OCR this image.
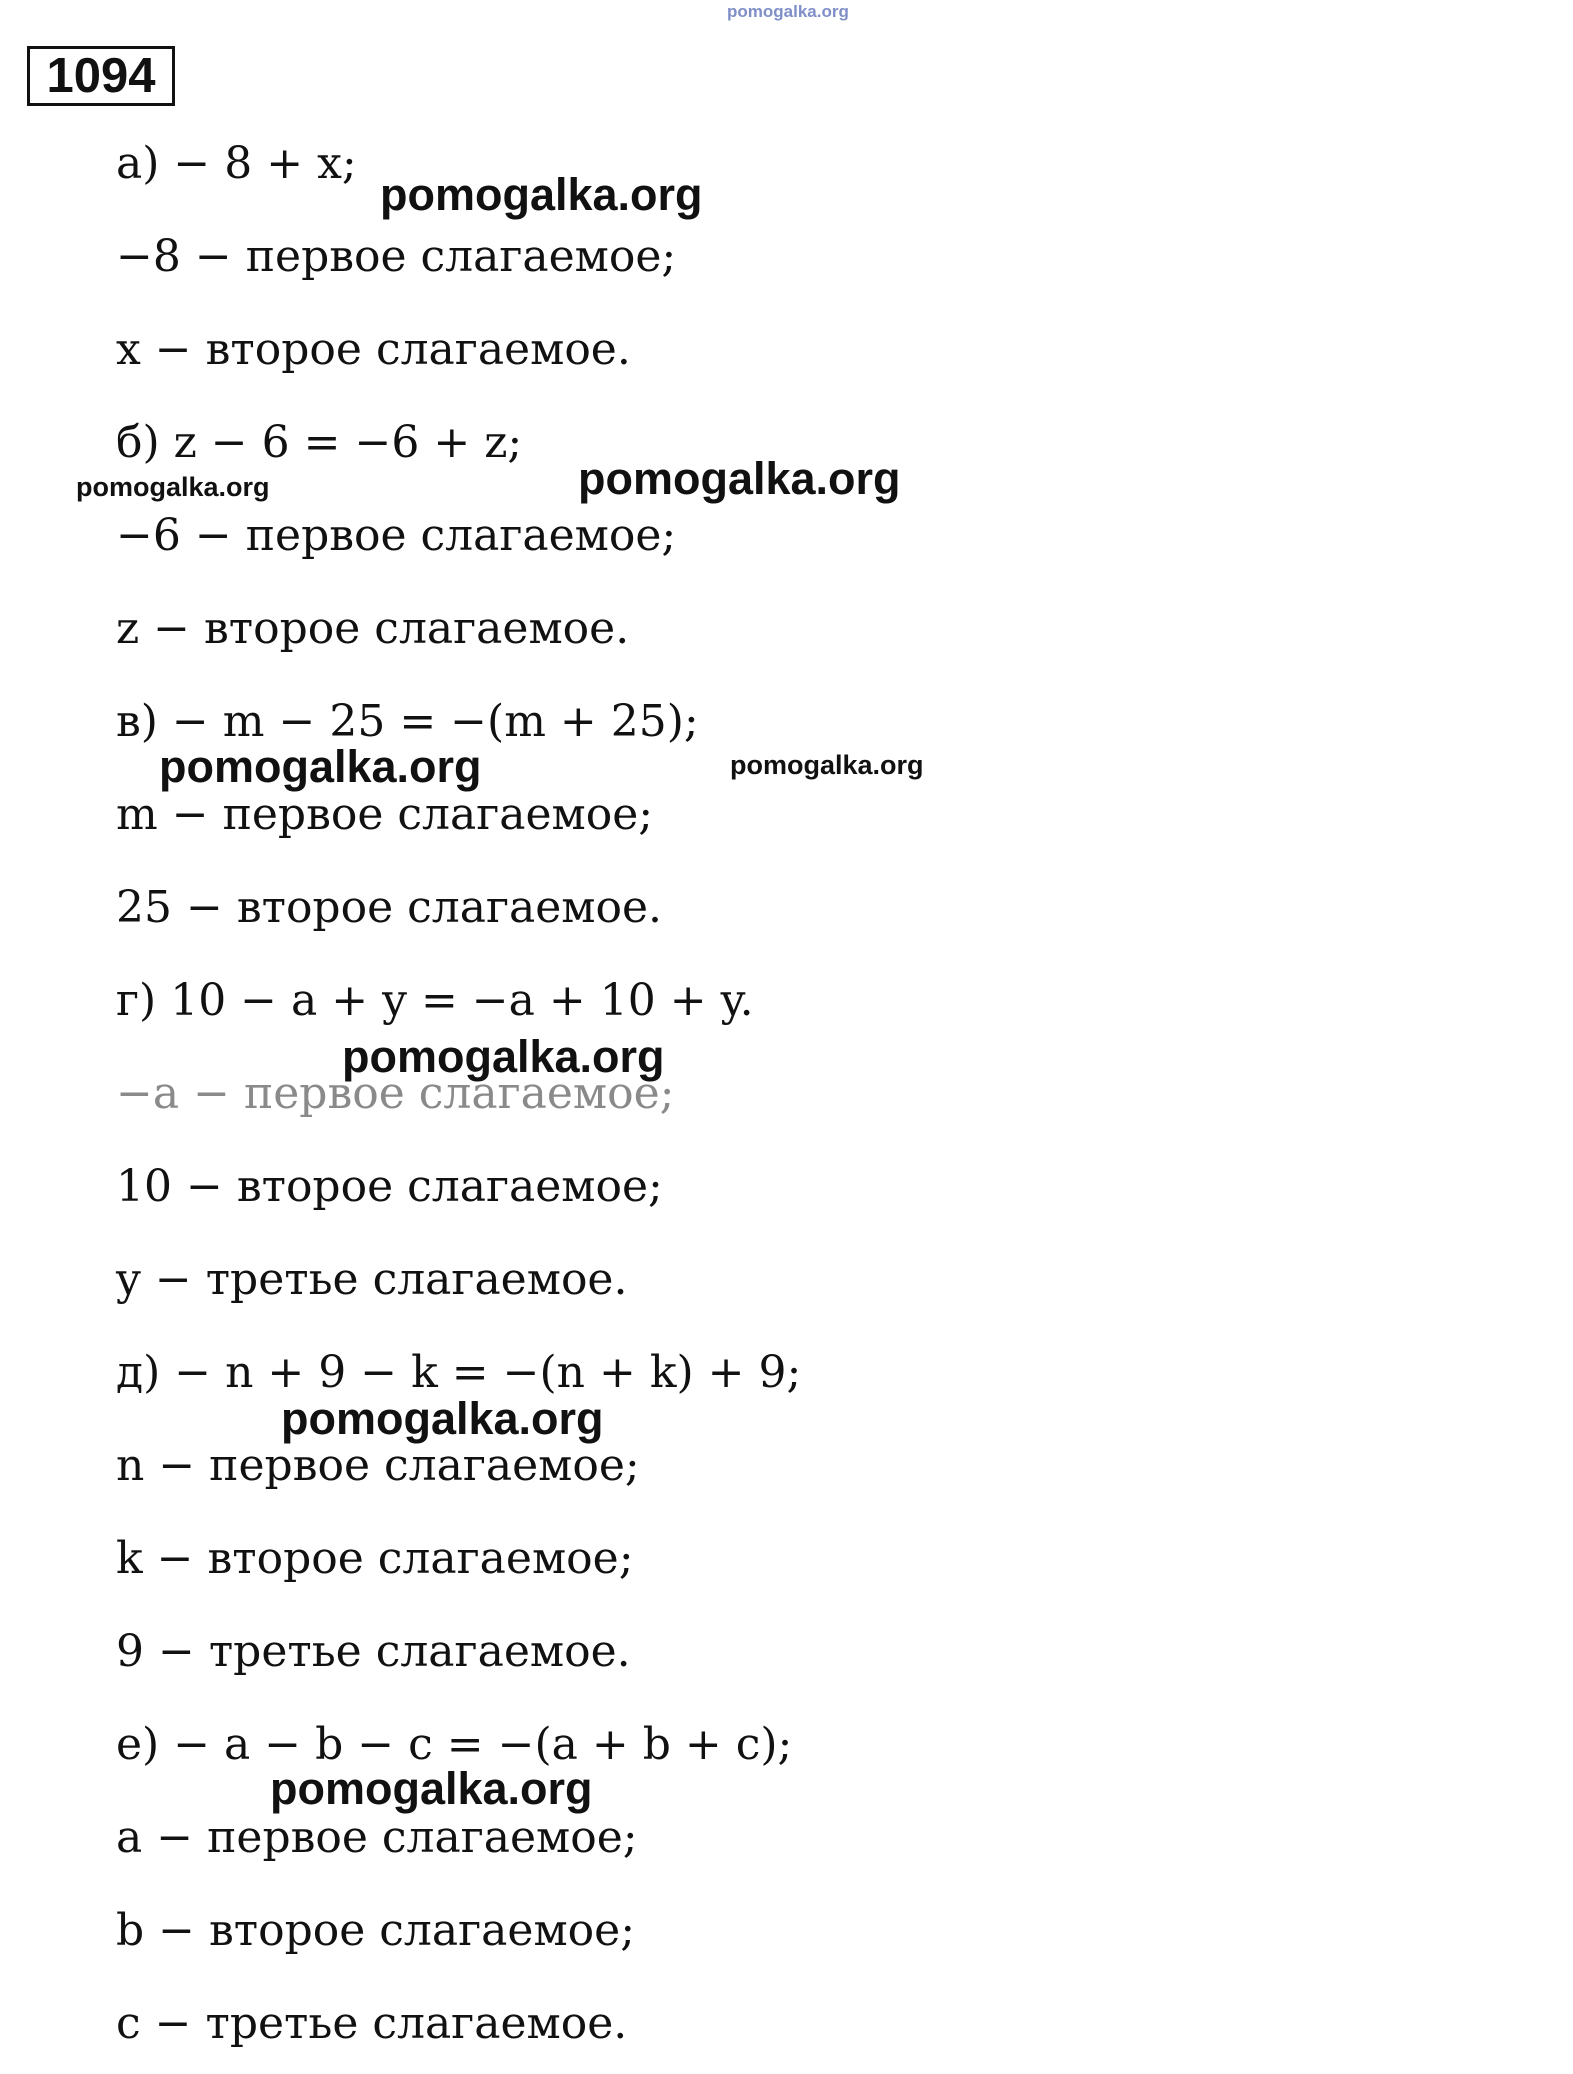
pomogalka.org
1094
а) − 8 + x;
−8 − первое слагаемое;
x − второе слагаемое.
б) z − 6 = −6 + z;
−6 − первое слагаемое;
z − второе слагаемое.
в) − m − 25 = −(m + 25);
m − первое слагаемое;
25 − второе слагаемое.
г) 10 − a + y = −a + 10 + y.
−a − первое слагаемое;
10 − второе слагаемое;
y − третье слагаемое.
д) − n + 9 − k = −(n + k) + 9;
n − первое слагаемое;
k − второе слагаемое;
9 − третье слагаемое.
е) − a − b − c = −(a + b + c);
a − первое слагаемое;
b − второе слагаемое;
c − третье слагаемое.
pomogalka.org
pomogalka.org	pomogalka.org
pomogalka.org	pomogalka.org
pomogalka.org
pomogalka.org
pomogalka.org
